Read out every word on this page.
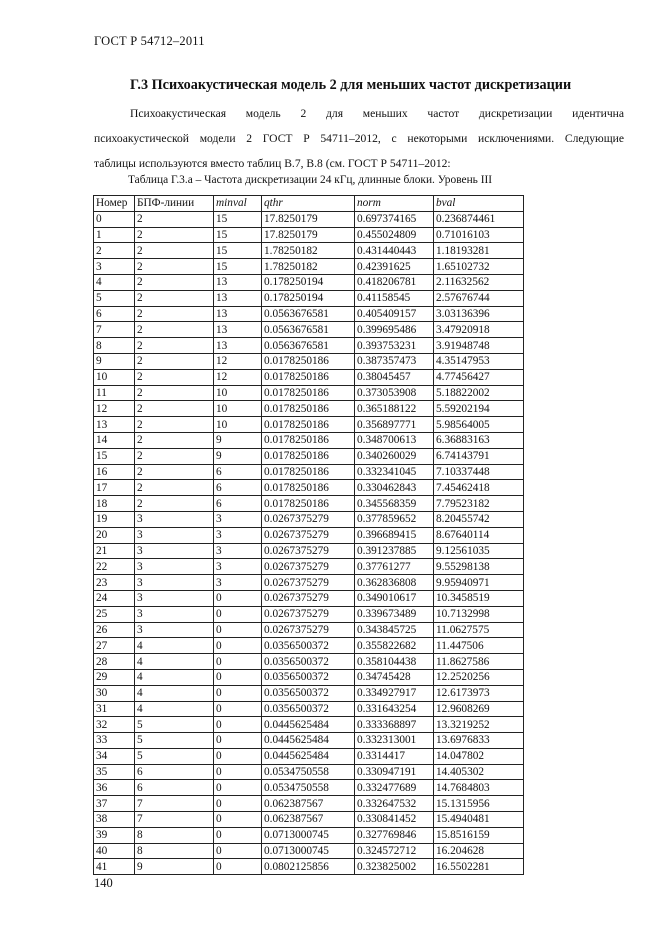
ГОСТ Р 54712–2011
Г.3 Психоакустическая модель 2 для меньших частот дискретизации
Психоакустическая модель 2 для меньших частот дискретизации идентична
психоакустической модели 2 ГОСТ Р 54711–2012, с некоторыми исключениями. Следующие
таблицы используются вместо таблиц В.7, В.8 (см. ГОСТ Р 54711–2012:
Таблица Г.3.а – Частота дискретизации 24 кГц, длинные блоки. Уровень III
Номер	БПФ-линии	minval	qthr	norm	bval
0	2	15	17.8250179	0.697374165	0.236874461
1	2	15	17.8250179	0.455024809	0.71016103
2	2	15	1.78250182	0.431440443	1.18193281
3	2	15	1.78250182	0.42391625	1.65102732
4	2	13	0.178250194	0.418206781	2.11632562
5	2	13	0.178250194	0.41158545	2.57676744
6	2	13	0.0563676581	0.405409157	3.03136396
7	2	13	0.0563676581	0.399695486	3.47920918
8	2	13	0.0563676581	0.393753231	3.91948748
9	2	12	0.0178250186	0.387357473	4.35147953
10	2	12	0.0178250186	0.38045457	4.77456427
11	2	10	0.0178250186	0.373053908	5.18822002
12	2	10	0.0178250186	0.365188122	5.59202194
13	2	10	0.0178250186	0.356897771	5.98564005
14	2	9	0.0178250186	0.348700613	6.36883163
15	2	9	0.0178250186	0.340260029	6.74143791
16	2	6	0.0178250186	0.332341045	7.10337448
17	2	6	0.0178250186	0.330462843	7.45462418
18	2	6	0.0178250186	0.345568359	7.79523182
19	3	3	0.0267375279	0.377859652	8.20455742
20	3	3	0.0267375279	0.396689415	8.67640114
21	3	3	0.0267375279	0.391237885	9.12561035
22	3	3	0.0267375279	0.37761277	9.55298138
23	3	3	0.0267375279	0.362836808	9.95940971
24	3	0	0.0267375279	0.349010617	10.3458519
25	3	0	0.0267375279	0.339673489	10.7132998
26	3	0	0.0267375279	0.343845725	11.0627575
27	4	0	0.0356500372	0.355822682	11.447506
28	4	0	0.0356500372	0.358104438	11.8627586
29	4	0	0.0356500372	0.34745428	12.2520256
30	4	0	0.0356500372	0.334927917	12.6173973
31	4	0	0.0356500372	0.331643254	12.9608269
32	5	0	0.0445625484	0.333368897	13.3219252
33	5	0	0.0445625484	0.332313001	13.6976833
34	5	0	0.0445625484	0.3314417	14.047802
35	6	0	0.0534750558	0.330947191	14.405302
36	6	0	0.0534750558	0.332477689	14.7684803
37	7	0	0.062387567	0.332647532	15.1315956
38	7	0	0.062387567	0.330841452	15.4940481
39	8	0	0.0713000745	0.327769846	15.8516159
40	8	0	0.0713000745	0.324572712	16.204628
41	9	0	0.0802125856	0.323825002	16.5502281
140
